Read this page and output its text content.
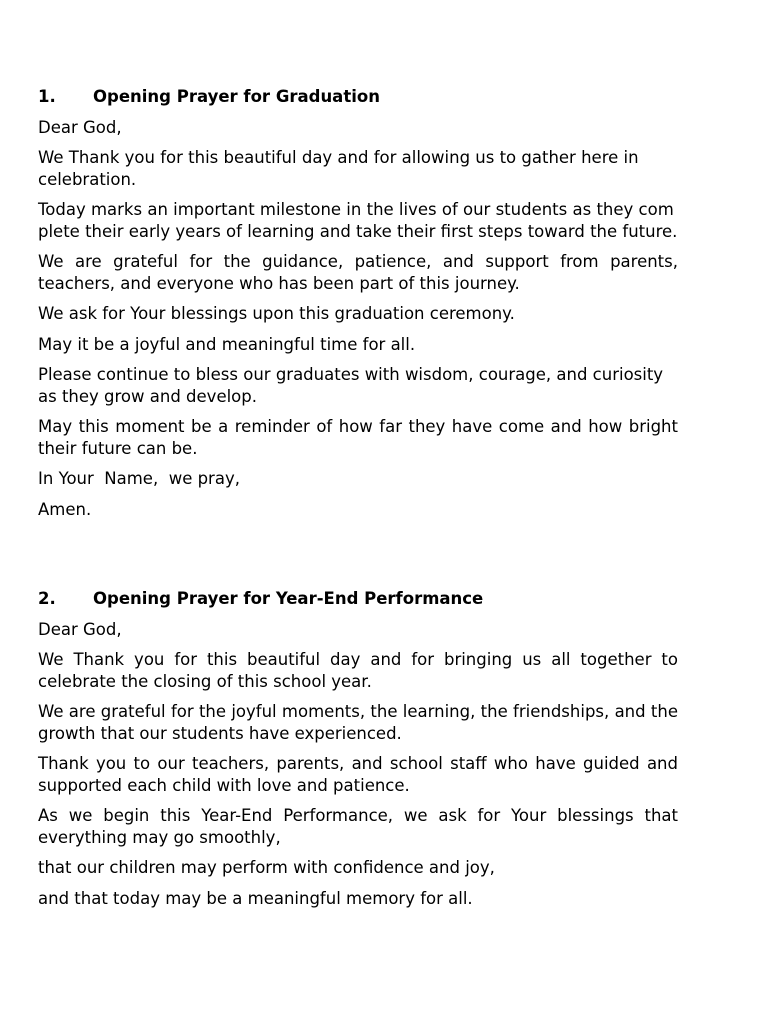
1.	Opening Prayer for Graduation

Dear God,

We Thank you for this beautiful day and for allowing us to gather here in celebration.

Today marks an important milestone in the lives of our students as they complete their early years of learning and take their first steps toward the future.

We are grateful for the guidance, patience, and support from parents, teachers, and everyone who has been part of this journey.

We ask for Your blessings upon this graduation ceremony.

May it be a joyful and meaningful time for all.

Please continue to bless our graduates with wisdom, courage, and curiosity as they grow and develop.

May this moment be a reminder of how far they have come and how bright their future can be.

In Your  Name,  we pray,

Amen.

2.	Opening Prayer for Year-End Performance

Dear God,

We Thank you for this beautiful day and for bringing us all together to celebrate the closing of this school year.

We are grateful for the joyful moments, the learning, the friendships, and the growth that our students have experienced.

Thank you to our teachers, parents, and school staff who have guided and supported each child with love and patience.

As we begin this Year-End Performance, we ask for Your blessings that everything may go smoothly,

that our children may perform with confidence and joy,

and that today may be a meaningful memory for all.
